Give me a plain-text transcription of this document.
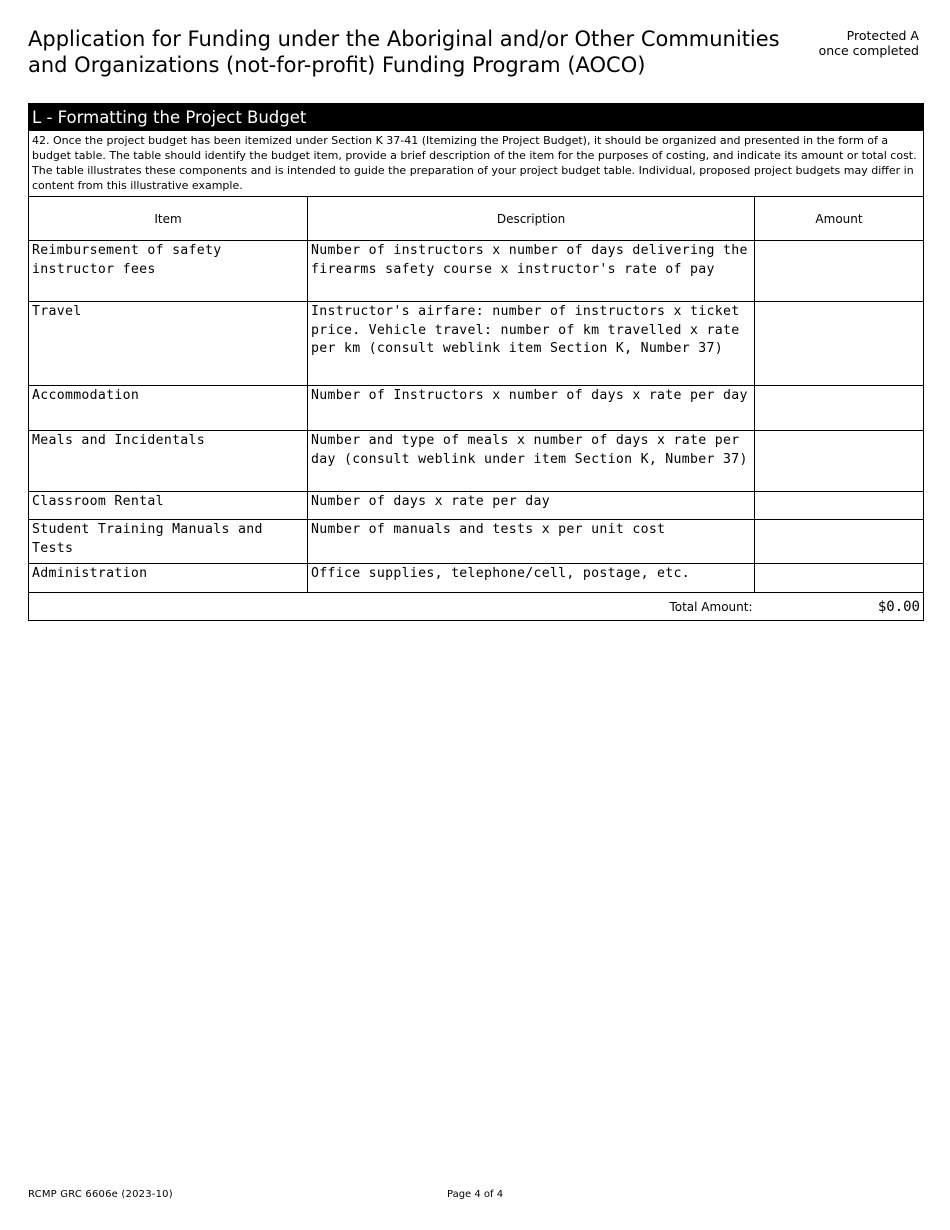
Application for Funding under the Aboriginal and/or Other Communities
and Organizations (not-for-profit) Funding Program (AOCO)
Protected A
once completed
L - Formatting the Project Budget		
42. Once the project budget has been itemized under Section K 37-41 (Itemizing the Project Budget), it should be organized and presented in the form of a budget table. The table should identify the budget item, provide a brief description of the item for the purposes of costing, and indicate its amount or total cost. The table illustrates these components and is intended to guide the preparation of your project budget table. Individual, proposed project budgets may differ in content from this illustrative example.		
Item	Description	Amount
Reimbursement of safety instructor fees	Number of instructors x number of days delivering the firearms safety course x instructor's rate of pay	
Travel	Instructor's airfare: number of instructors x ticket price. Vehicle travel: number of km travelled x rate per km (consult weblink item Section K, Number 37)	
Accommodation	Number of Instructors x number of days x rate per day	
Meals and Incidentals	Number and type of meals x number of days x rate per day (consult weblink under item Section K, Number 37)	
Classroom Rental	Number of days x rate per day	
Student Training Manuals and Tests	Number of manuals and tests x per unit cost	
Administration	Office supplies, telephone/cell, postage, etc.	
Total Amount:		$0.00
RCMP GRC 6606e (2023-10)	Page 4 of 4
